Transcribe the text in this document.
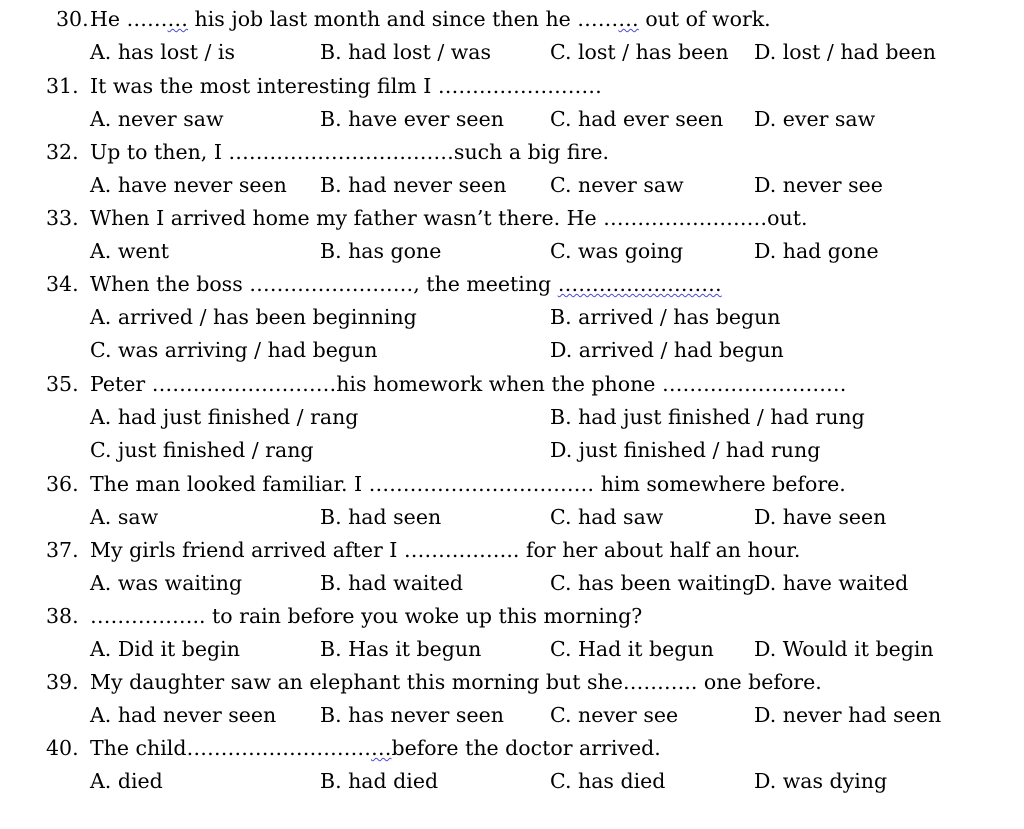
30. He ……… his job last month and since then he ……… out of work.
A. has lost / is	B. had lost / was	C. lost / has been D. lost / had been
31. It was the most interesting film I ……………………
A. never saw	B. have ever seen C. had ever seen D. ever saw
32. Up to then, I ……………………………such a big fire.
A. have never seen B. had never seen C. never saw	D. never see
33. When I arrived home my father wasn’t there. He ……………………out.
A. went	B. has gone	C. was going	D. had gone
34. When the boss ……………………, the meeting ……………………
A. arrived / has been beginning	B. arrived / has begun
C. was arriving / had begun	D. arrived / had begun
35. Peter ………………………his homework when the phone ………………………
A. had just finished / rang	B. had just finished / had rung
C. just finished / rang	D. just finished / had rung
36. The man looked familiar. I …………………………… him somewhere before.
A. saw	B. had seen	C. had saw	D. have seen
37. My girls friend arrived after I …………….. for her about half an hour.
A. was waiting	B. had waited	C. has been waiting D. have waited
38. …………….. to rain before you woke up this morning?
A. Did it begin	B. Has it begun	C. Had it begun D. Would it begin
39. My daughter saw an elephant this morning but she……….. one before.
A. had never seen B. has never seen C. never see	D. never had seen
40. The child…………………………before the doctor arrived.
A. died	B. had died	C. has died	D. was dying
